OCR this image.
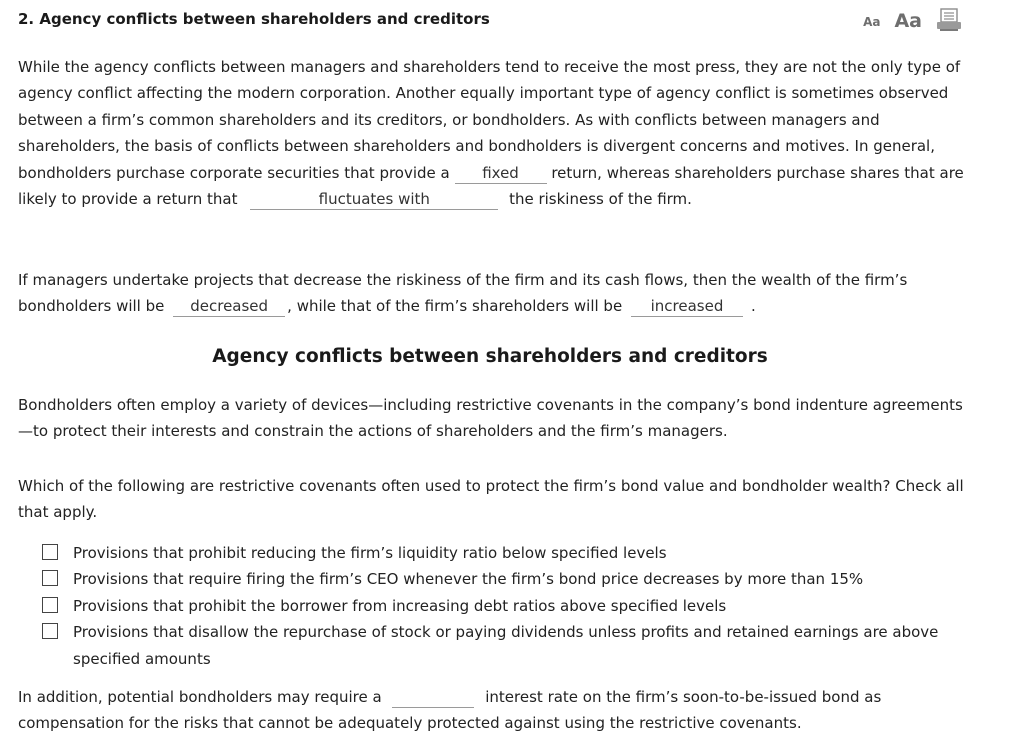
2. Agency conflicts between shareholders and creditors	Aa Aa

While the agency conflicts between managers and shareholders tend to receive the most press, they are not the only type of agency conflict affecting the modern corporation. Another equally important type of agency conflict is sometimes observed between a firm’s common shareholders and its creditors, or bondholders. As with conflicts between managers and shareholders, the basis of conflicts between shareholders and bondholders is divergent concerns and motives. In general, bondholders purchase corporate securities that provide a fixed return, whereas shareholders purchase shares that are likely to provide a return that	fluctuates with	the riskiness of the firm.

If managers undertake projects that decrease the riskiness of the firm and its cash flows, then the wealth of the firm’s bondholders will be decreased , while that of the firm’s shareholders will be increased .

Agency conflicts between shareholders and creditors

Bondholders often employ a variety of devices—including restrictive covenants in the company’s bond indenture agreements—to protect their interests and constrain the actions of shareholders and the firm’s managers.

Which of the following are restrictive covenants often used to protect the firm’s bond value and bondholder wealth? Check all that apply.

Provisions that prohibit reducing the firm’s liquidity ratio below specified levels
Provisions that require firing the firm’s CEO whenever the firm’s bond price decreases by more than 15%
Provisions that prohibit the borrower from increasing debt ratios above specified levels
Provisions that disallow the repurchase of stock or paying dividends unless profits and retained earnings are above specified amounts

In addition, potential bondholders may require a	interest rate on the firm’s soon-to-be-issued bond as compensation for the risks that cannot be adequately protected against using the restrictive covenants.
